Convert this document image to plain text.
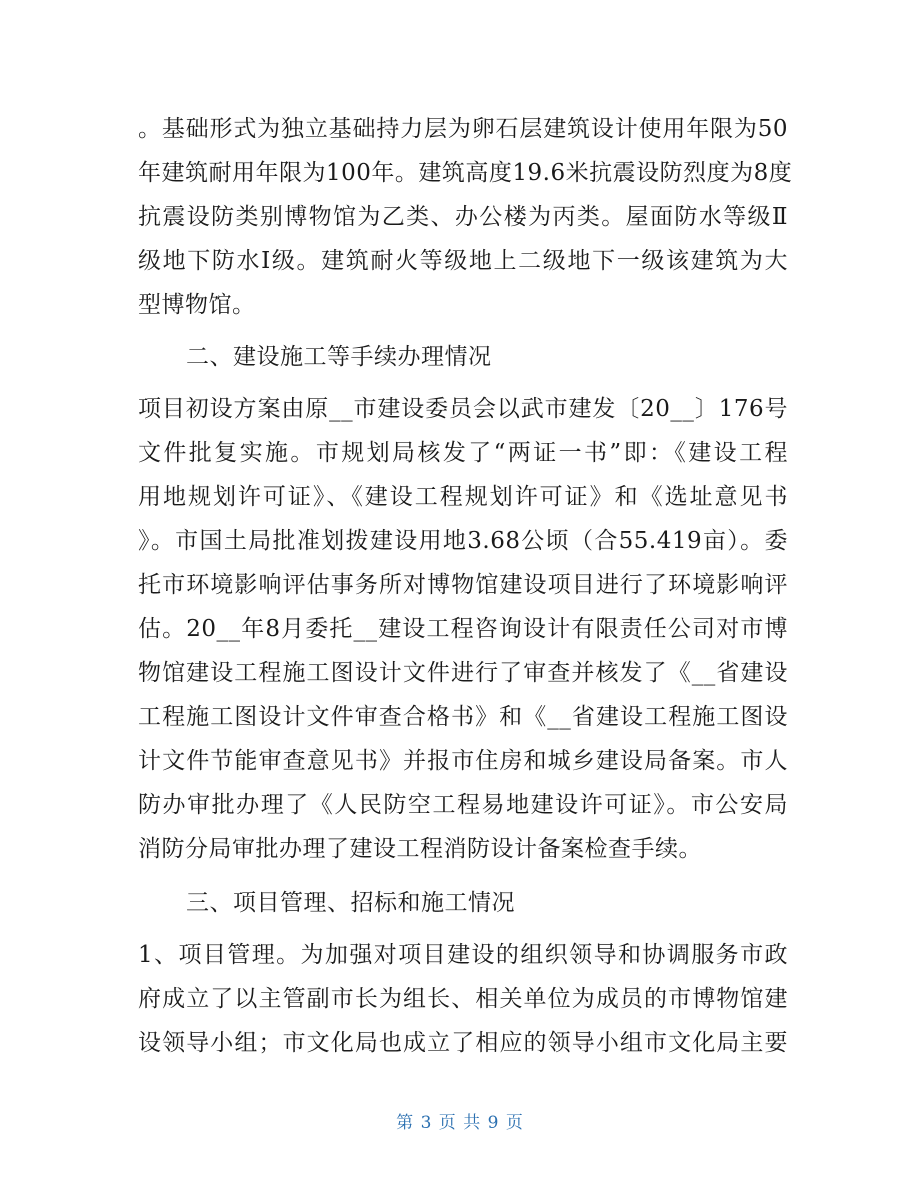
。基础形式为独立基础持力层为卵石层建筑设计使用年限为50
年建筑耐用年限为100年。建筑高度19.6米抗震设防烈度为8度
抗震设防类别博物馆为乙类、办公楼为丙类。屋面防水等级Ⅱ
级地下防水Ⅰ级。建筑耐火等级地上二级地下一级该建筑为大
型博物馆。
二、建设施工等手续办理情况
项目初设方案由原__市建设委员会以武市建发〔20__〕176号
文件批复实施。市规划局核发了“两证一书”即：《建设工程
用地规划许可证》、《建设工程规划许可证》和《选址意见书
》。市国土局批准划拨建设用地3.68公顷（合55.419亩）。委
托市环境影响评估事务所对博物馆建设项目进行了环境影响评
估。20__年8月委托__建设工程咨询设计有限责任公司对市博
物馆建设工程施工图设计文件进行了审查并核发了《__省建设
工程施工图设计文件审查合格书》和《__省建设工程施工图设
计文件节能审查意见书》并报市住房和城乡建设局备案。市人
防办审批办理了《人民防空工程易地建设许可证》。市公安局
消防分局审批办理了建设工程消防设计备案检查手续。
三、项目管理、招标和施工情况
1、项目管理。为加强对项目建设的组织领导和协调服务市政
府成立了以主管副市长为组长、相关单位为成员的市博物馆建
设领导小组；市文化局也成立了相应的领导小组市文化局主要
第 3 页 共 9 页
